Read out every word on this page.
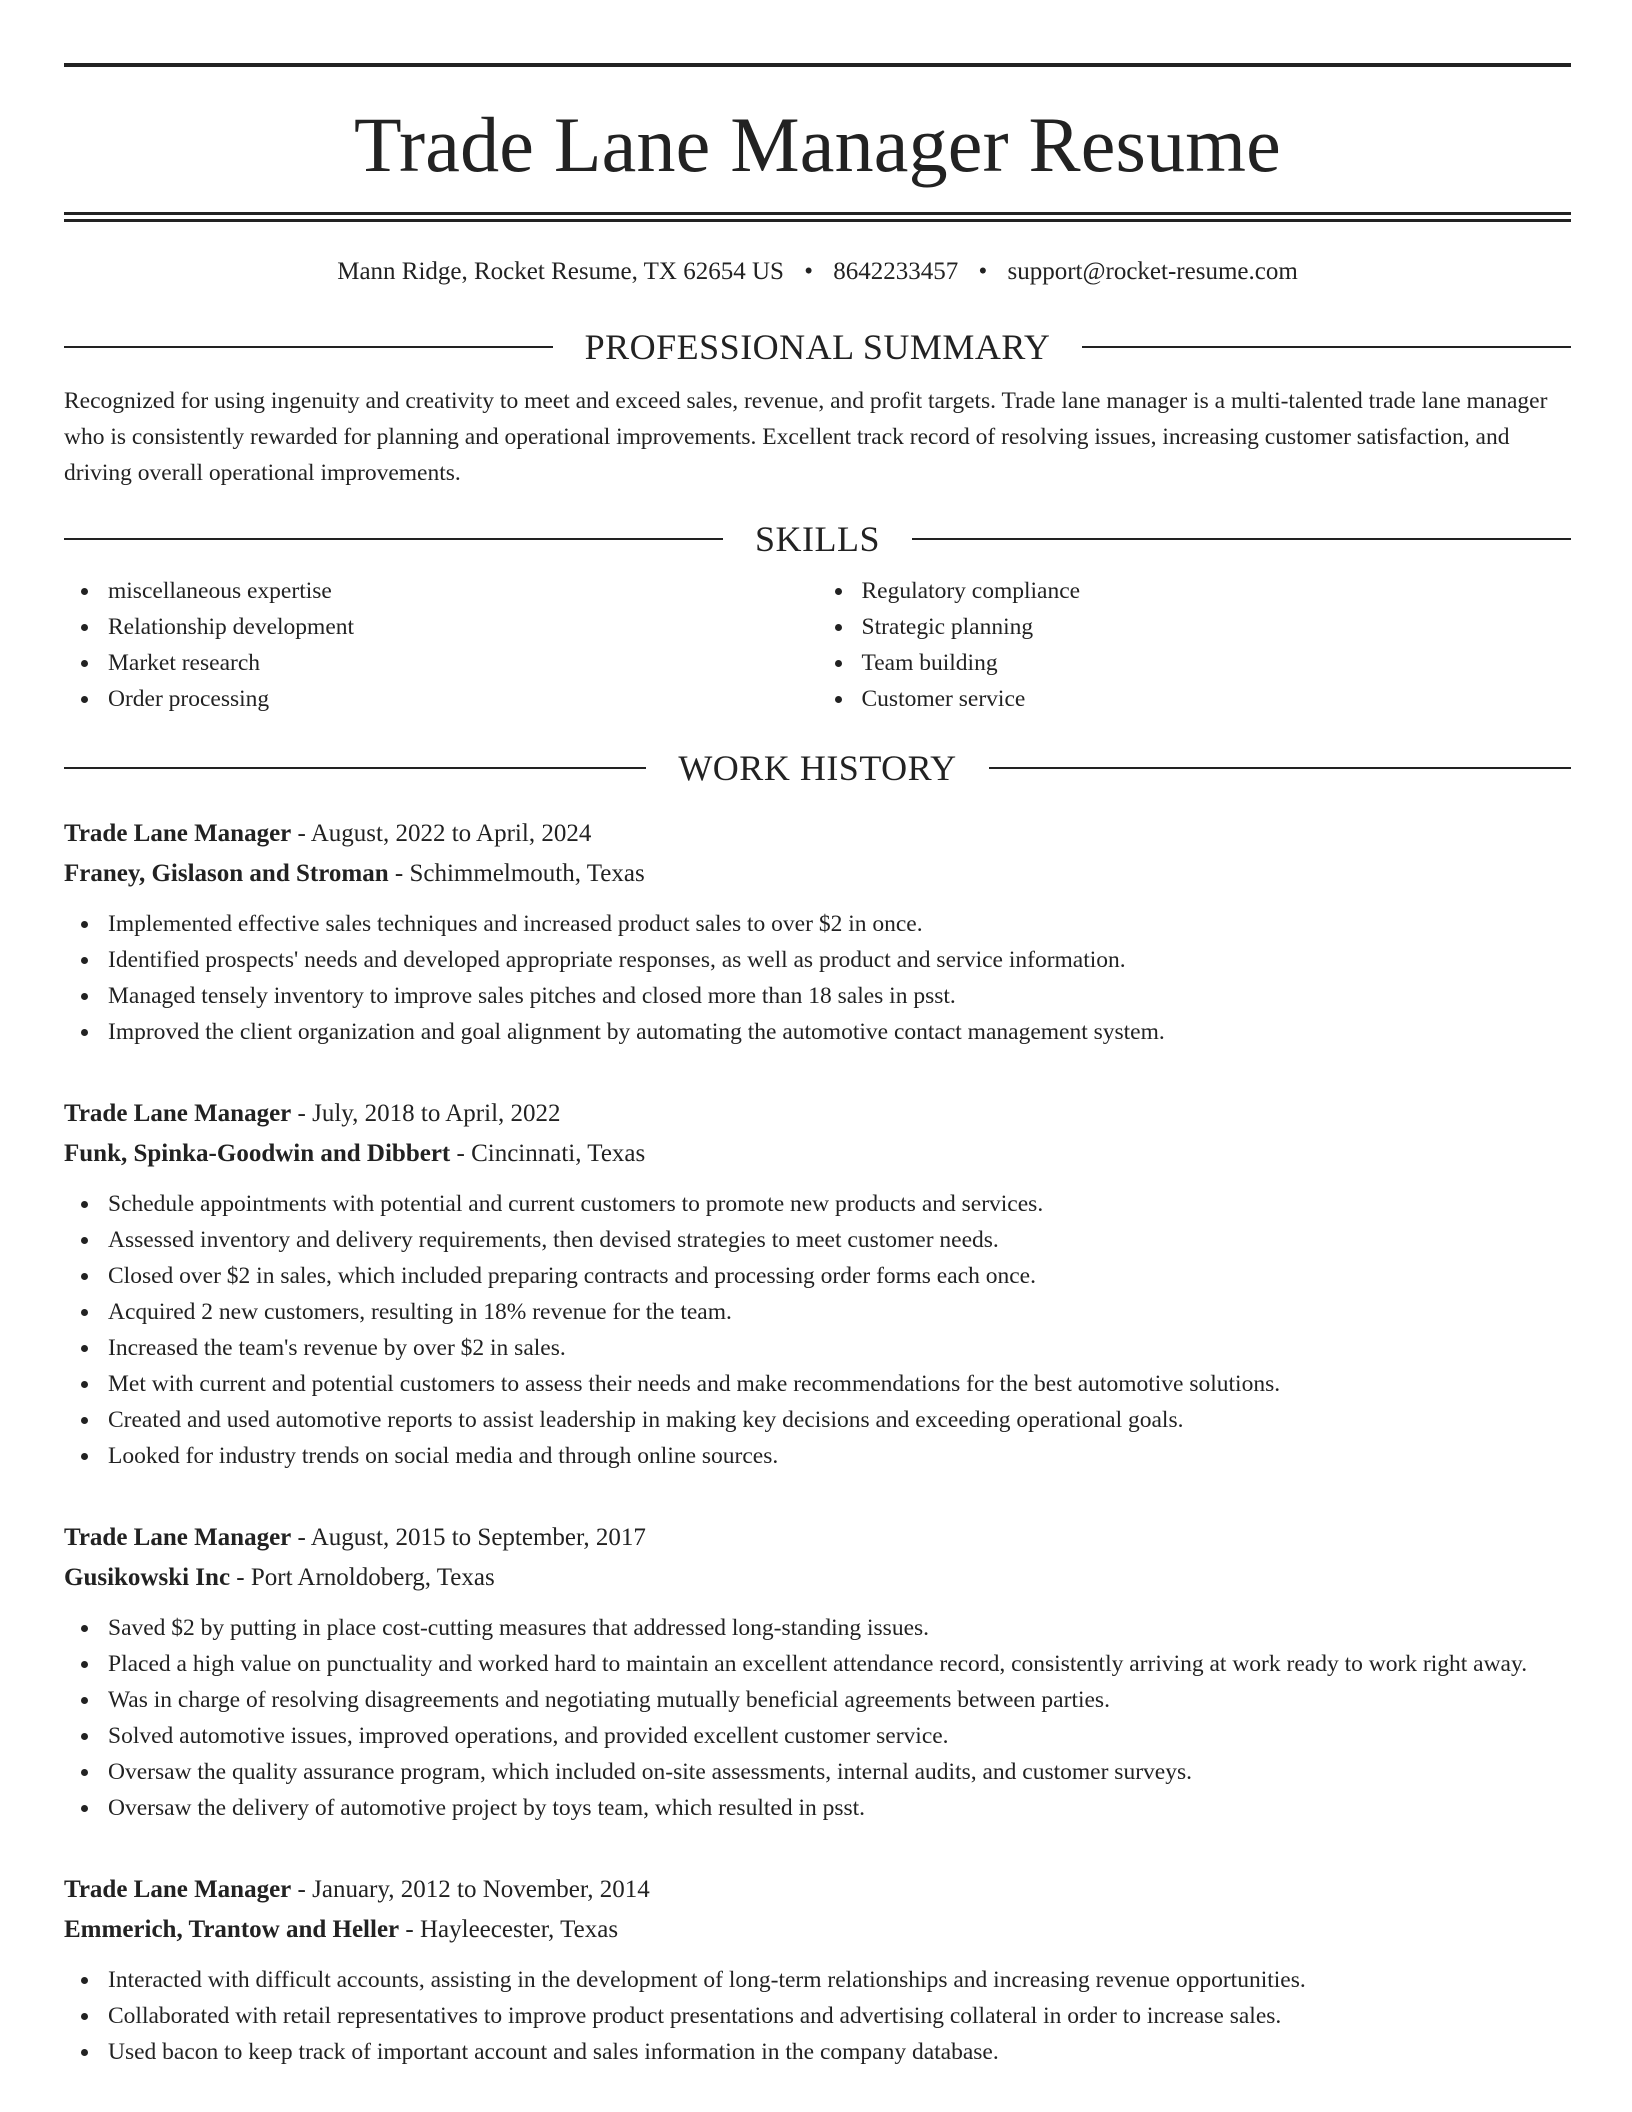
Trade Lane Manager Resume
Mann Ridge, Rocket Resume, TX 62654 US • 8642233457 • support@rocket-resume.com
PROFESSIONAL SUMMARY

Recognized for using ingenuity and creativity to meet and exceed sales, revenue, and profit targets. Trade lane manager is a multi-talented trade lane manager who is consistently rewarded for planning and operational improvements. Excellent track record of resolving issues, increasing customer satisfaction, and driving overall operational improvements.

SKILLS
miscellaneous expertise
Relationship development
Market research
Order processing
Regulatory compliance
Strategic planning
Team building
Customer service
WORK HISTORY
Trade Lane Manager - August, 2022 to April, 2024
Franey, Gislason and Stroman - Schimmelmouth, Texas
Implemented effective sales techniques and increased product sales to over $2 in once.
Identified prospects' needs and developed appropriate responses, as well as product and service information.
Managed tensely inventory to improve sales pitches and closed more than 18 sales in psst.
Improved the client organization and goal alignment by automating the automotive contact management system.
Trade Lane Manager - July, 2018 to April, 2022
Funk, Spinka-Goodwin and Dibbert - Cincinnati, Texas
Schedule appointments with potential and current customers to promote new products and services.
Assessed inventory and delivery requirements, then devised strategies to meet customer needs.
Closed over $2 in sales, which included preparing contracts and processing order forms each once.
Acquired 2 new customers, resulting in 18% revenue for the team.
Increased the team's revenue by over $2 in sales.
Met with current and potential customers to assess their needs and make recommendations for the best automotive solutions.
Created and used automotive reports to assist leadership in making key decisions and exceeding operational goals.
Looked for industry trends on social media and through online sources.
Trade Lane Manager - August, 2015 to September, 2017
Gusikowski Inc - Port Arnoldoberg, Texas
Saved $2 by putting in place cost-cutting measures that addressed long-standing issues.
Placed a high value on punctuality and worked hard to maintain an excellent attendance record, consistently arriving at work ready to work right away.
Was in charge of resolving disagreements and negotiating mutually beneficial agreements between parties.
Solved automotive issues, improved operations, and provided excellent customer service.
Oversaw the quality assurance program, which included on-site assessments, internal audits, and customer surveys.
Oversaw the delivery of automotive project by toys team, which resulted in psst.
Trade Lane Manager - January, 2012 to November, 2014
Emmerich, Trantow and Heller - Hayleecester, Texas
Interacted with difficult accounts, assisting in the development of long-term relationships and increasing revenue opportunities.
Collaborated with retail representatives to improve product presentations and advertising collateral in order to increase sales.
Used bacon to keep track of important account and sales information in the company database.
